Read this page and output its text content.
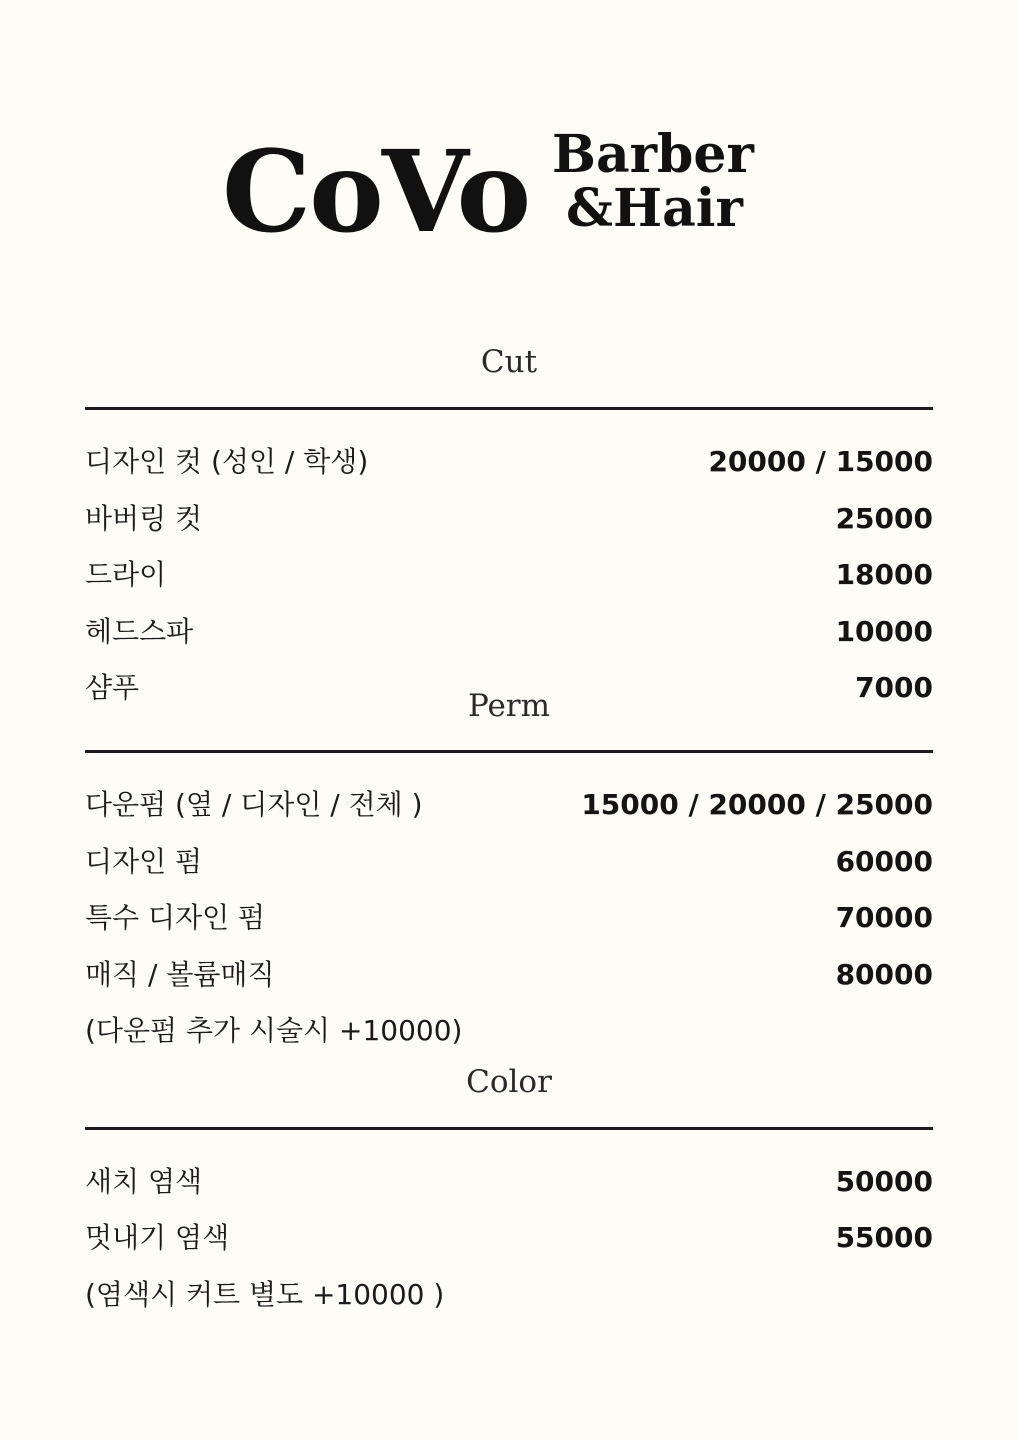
CoVo Barber
&Hair
Cut
디자인 컷 (성인 / 학생)	20000 / 15000
바버링 컷	25000
드라이	18000
헤드스파	10000
샴푸	7000
Perm
다운펌 (옆 / 디자인 / 전체 )	15000 / 20000 / 25000
디자인 펌	60000
특수 디자인 펌	70000
매직 / 볼륨매직	80000
(다운펌 추가 시술시 +10000)
Color
새치 염색	50000
멋내기 염색	55000
(염색시 커트 별도 +10000 )
